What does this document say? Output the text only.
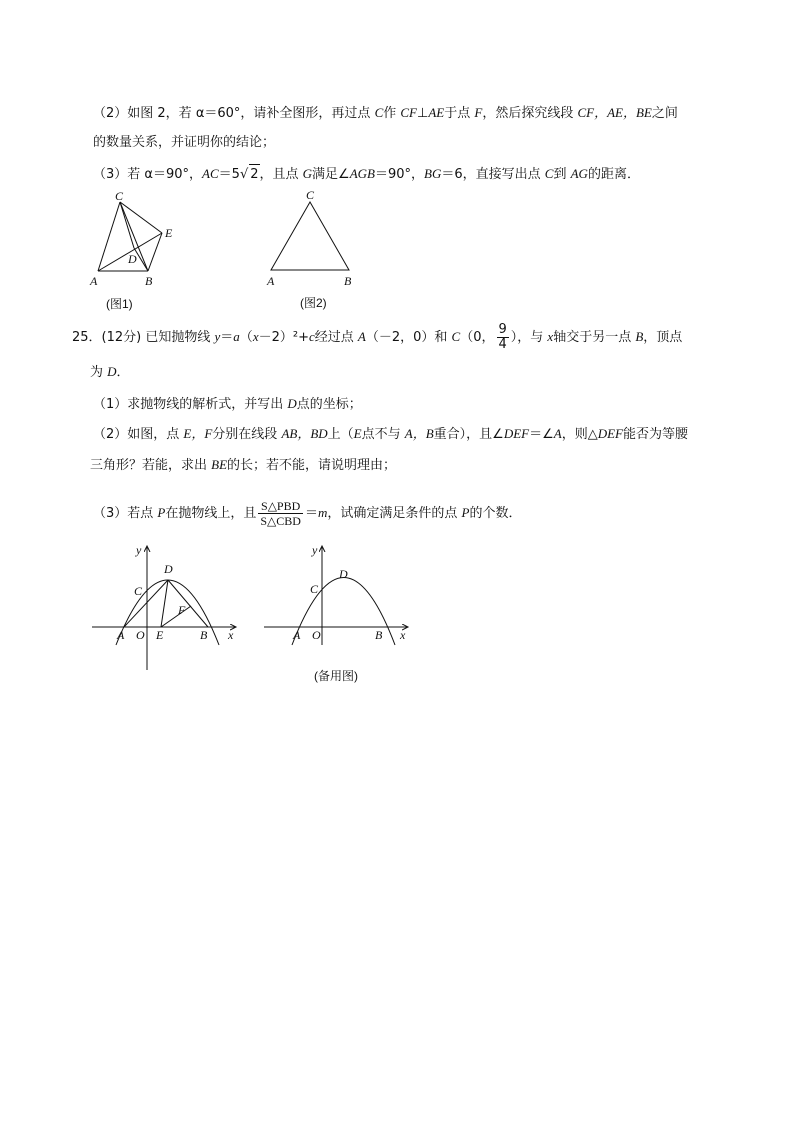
（2）如图 2，若 α＝60°，请补全图形，再过点 C作 CF⊥AE于点 F，然后探究线段 CF，AE，BE之间
的数量关系，并证明你的结论；
（3）若 α＝90°，AC＝5√ 2，且点 G满足∠AGB＝90°，BG＝6，直接写出点 C到 AG的距离．
C
E
D
A	B
(图1)
C
A	B
(图2)
25．(12分) 已知抛物线 y＝a（x－2）²+c经过点 A（－2，0）和 C（0， $\frac{9}{4}$ ），与 x轴交于另一点 B，顶点
为 D．
（1）求抛物线的解析式，并写出 D点的坐标；
（2）如图，点 E，F分别在线段 AB，BD上（E点不与 A，B重合），且∠DEF＝∠A，则△DEF能否为等腰
三角形？若能，求出 BE的长；若不能，请说明理由；
（3）若点 P在抛物线上，且 $\frac{\text{S△PBD}}{\text{S△CBD}} =m$，试确定满足条件的点 P的个数．
y
x
C
D
F
A O E	B
y
x
C
D
A O	B
(备用图)
